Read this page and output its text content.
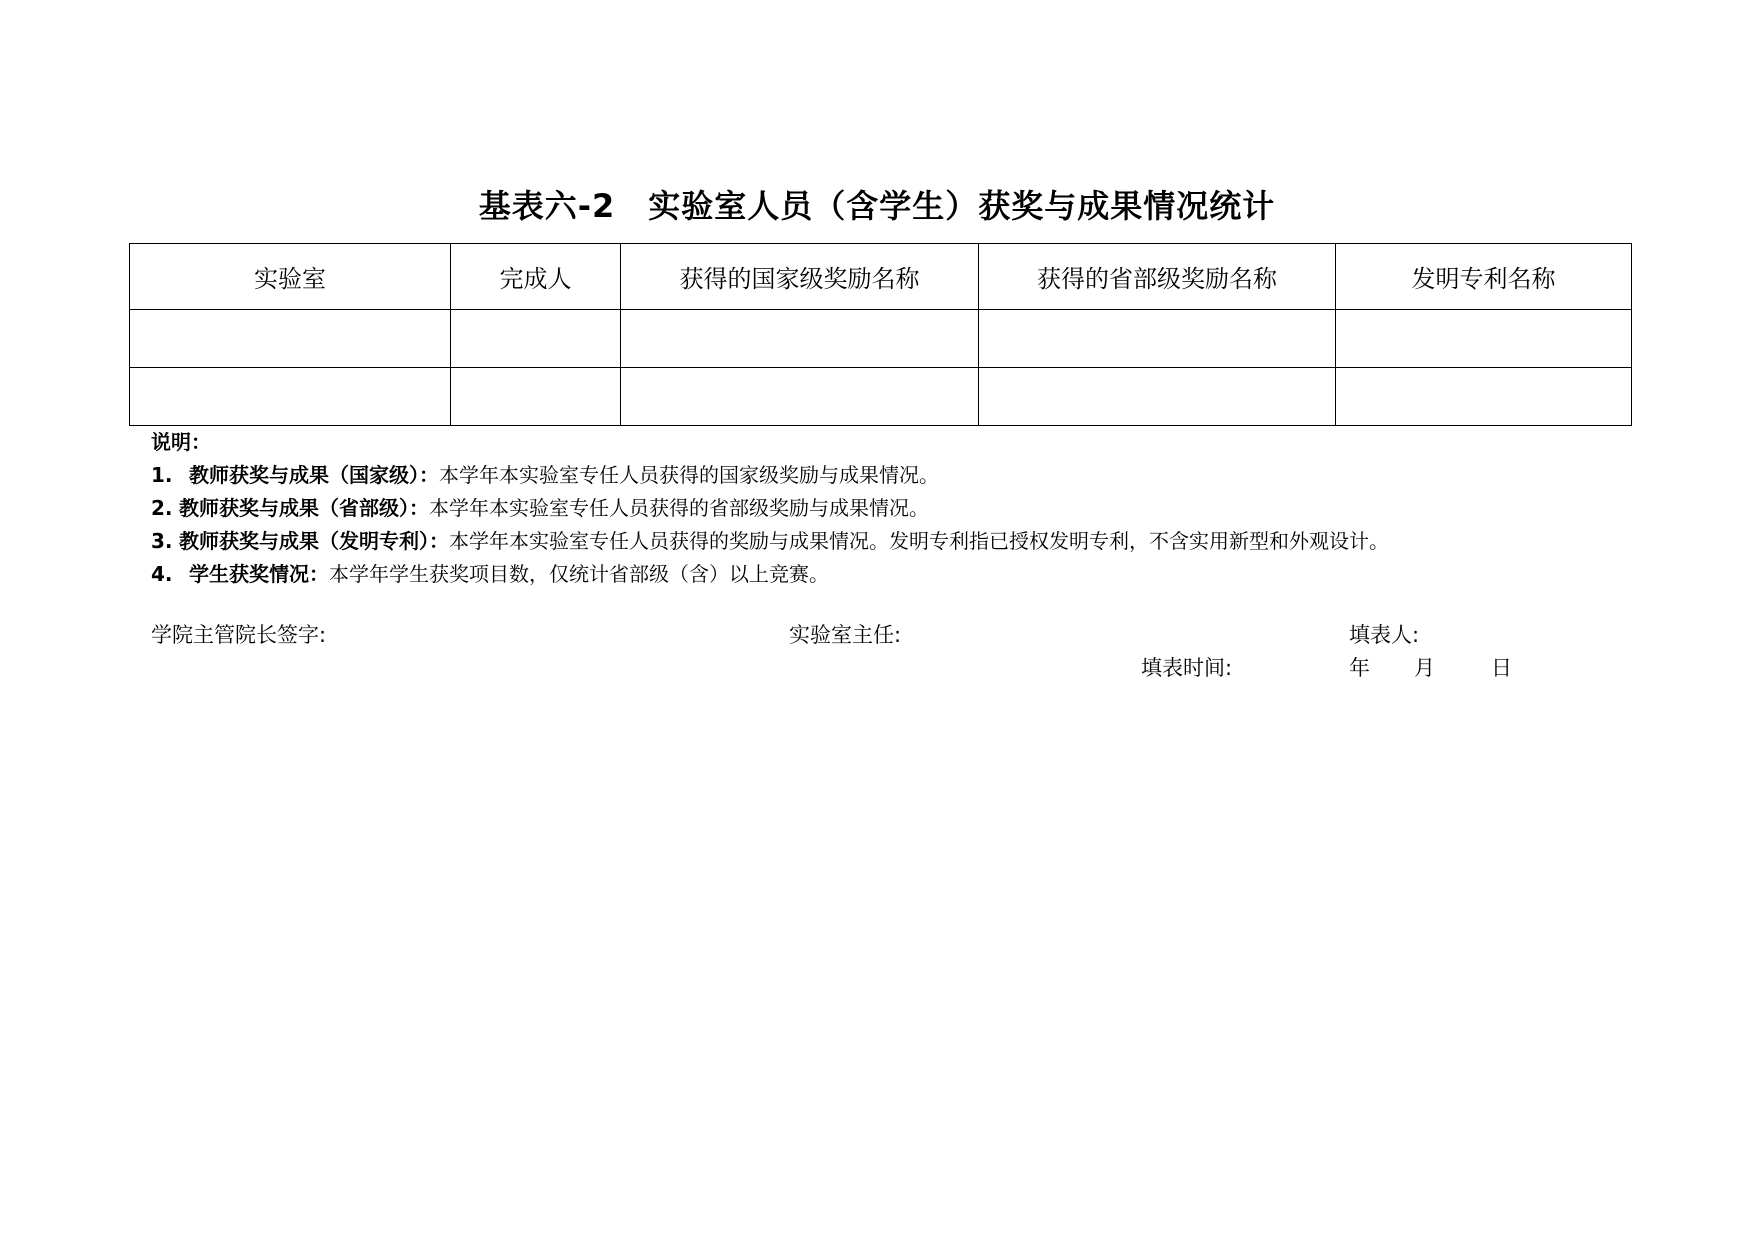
基表六-2　实验室人员（含学生）获奖与成果情况统计
实验室	完成人	获得的国家级奖励名称	获得的省部级奖励名称	发明专利名称

说明：
1. 教师获奖与成果（国家级）：本学年本实验室专任人员获得的国家级奖励与成果情况。
2. 教师获奖与成果（省部级）：本学年本实验室专任人员获得的省部级奖励与成果情况。
3. 教师获奖与成果（发明专利）：本学年本实验室专任人员获得的奖励与成果情况。发明专利指已授权发明专利，不含实用新型和外观设计。
4. 学生获奖情况：本学年学生获奖项目数，仅统计省部级（含）以上竞赛。
学院主管院长签字:	实验室主任:	填表人:
填表时间:	年 月	日
